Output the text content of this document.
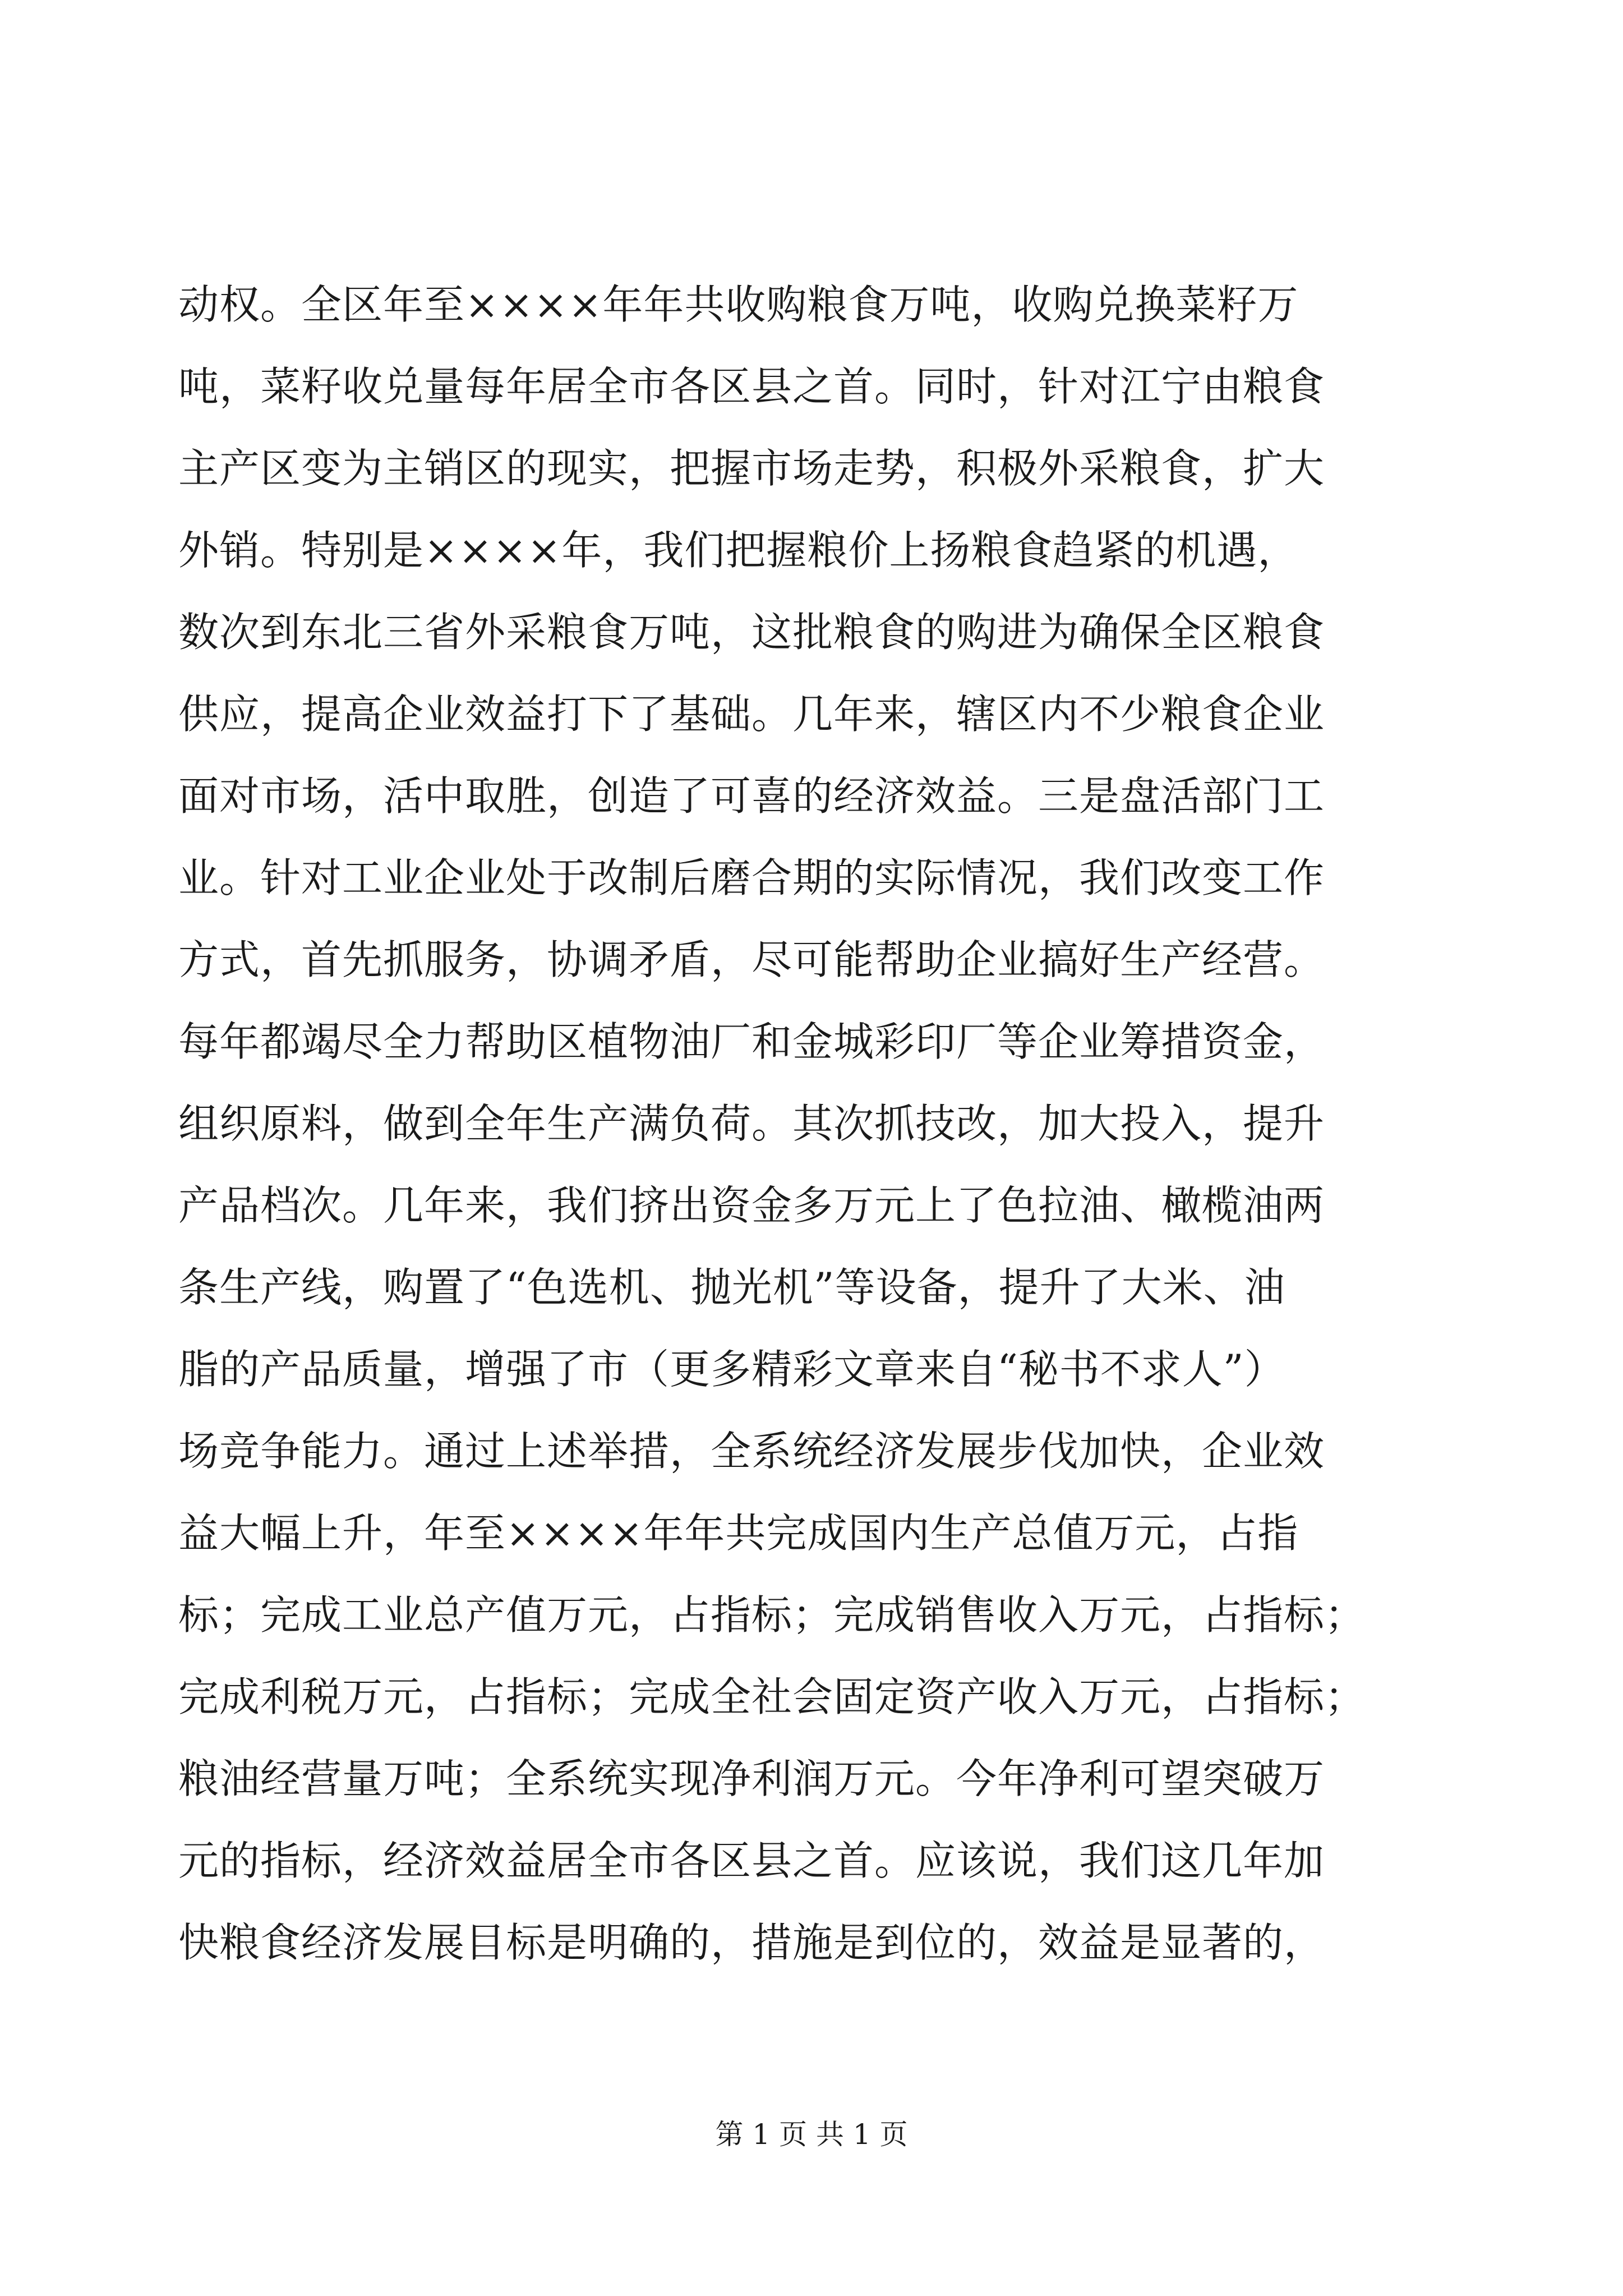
动权。全区年至××××年年共收购粮食万吨，收购兑换菜籽万
吨，菜籽收兑量每年居全市各区县之首。同时，针对江宁由粮食
主产区变为主销区的现实，把握市场走势，积极外采粮食，扩大
外销。特别是××××年，我们把握粮价上扬粮食趋紧的机遇，
数次到东北三省外采粮食万吨，这批粮食的购进为确保全区粮食
供应，提高企业效益打下了基础。几年来，辖区内不少粮食企业
面对市场，活中取胜，创造了可喜的经济效益。三是盘活部门工
业。针对工业企业处于改制后磨合期的实际情况，我们改变工作
方式，首先抓服务，协调矛盾，尽可能帮助企业搞好生产经营。
每年都竭尽全力帮助区植物油厂和金城彩印厂等企业筹措资金，
组织原料，做到全年生产满负荷。其次抓技改，加大投入，提升
产品档次。几年来，我们挤出资金多万元上了色拉油、橄榄油两
条生产线，购置了“色选机、抛光机”等设备，提升了大米、油
脂的产品质量，增强了市（更多精彩文章来自“秘书不求人”）
场竞争能力。通过上述举措，全系统经济发展步伐加快，企业效
益大幅上升，年至××××年年共完成国内生产总值万元，占指
标；完成工业总产值万元，占指标；完成销售收入万元，占指标；
完成利税万元，占指标；完成全社会固定资产收入万元，占指标；
粮油经营量万吨；全系统实现净利润万元。今年净利可望突破万
元的指标，经济效益居全市各区县之首。应该说，我们这几年加
快粮食经济发展目标是明确的，措施是到位的，效益是显著的，
第 1 页 共 1 页
